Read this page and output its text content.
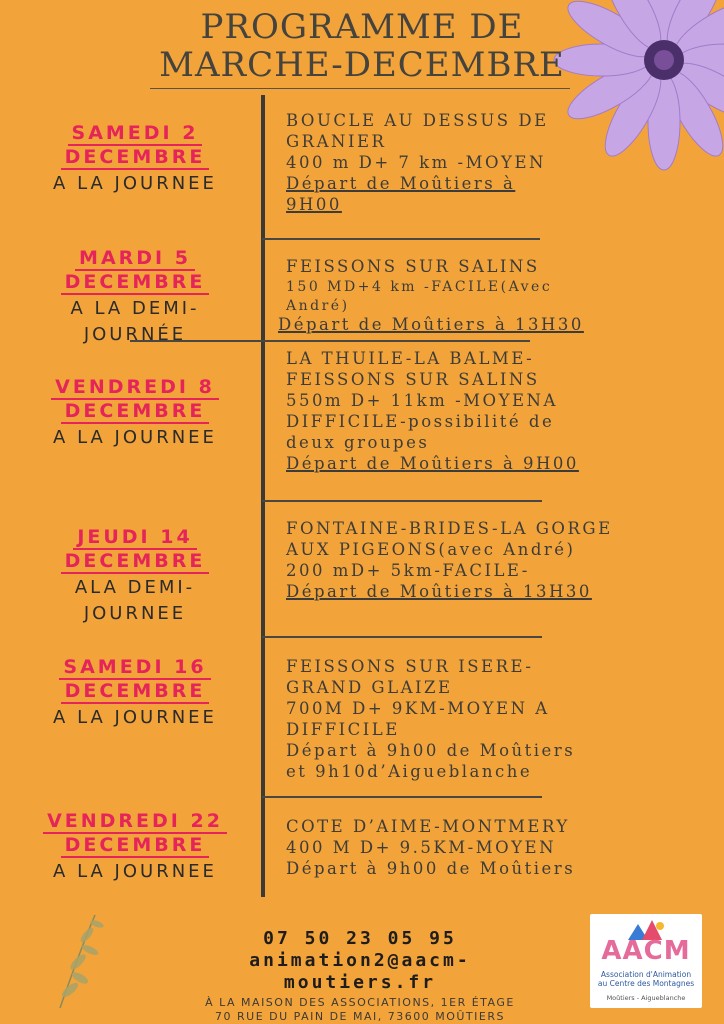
PROGRAMME DE
MARCHE-DECEMBRE
SAMEDI 2
DECEMBRE
A LA JOURNEE
BOUCLE AU DESSUS DE
GRANIER
400 m D+ 7 km -MOYEN
Départ de Moûtiers à
9H00
MARDI 5
DECEMBRE
A LA DEMI-
JOURNÉE
FEISSONS SUR SALINS
150 MD+4 km -FACILE(Avec
André)
Départ de Moûtiers à 13H30
VENDREDI 8
DECEMBRE
A LA JOURNEE
LA THUILE-LA BALME-
FEISSONS SUR SALINS
550m D+ 11km -MOYENA
DIFFICILE-possibilité de
deux groupes
Départ de Moûtiers à 9H00
JEUDI 14
DECEMBRE
ALA DEMI-
JOURNEE
FONTAINE-BRIDES-LA GORGE
AUX PIGEONS(avec André)
200 mD+ 5km-FACILE-
Départ de Moûtiers à 13H30
SAMEDI 16
DECEMBRE
A LA JOURNEE
FEISSONS SUR ISERE-
GRAND GLAIZE
700M D+ 9KM-MOYEN A
DIFFICILE
Départ à 9h00 de Moûtiers
et 9h10d’Aigueblanche
VENDREDI 22
DECEMBRE
A LA JOURNEE
COTE D’AIME-MONTMERY
400 M D+ 9.5KM-MOYEN
Départ à 9h00 de Moûtiers
07 50 23 05 95
animation2@aacm-
moutiers.fr
À LA MAISON DES ASSOCIATIONS, 1ER ÉTAGE
70 RUE DU PAIN DE MAI, 73600 MOÛTIERS
AACM
Association d'Animation
au Centre des Montagnes
Moûtiers - Aigueblanche
